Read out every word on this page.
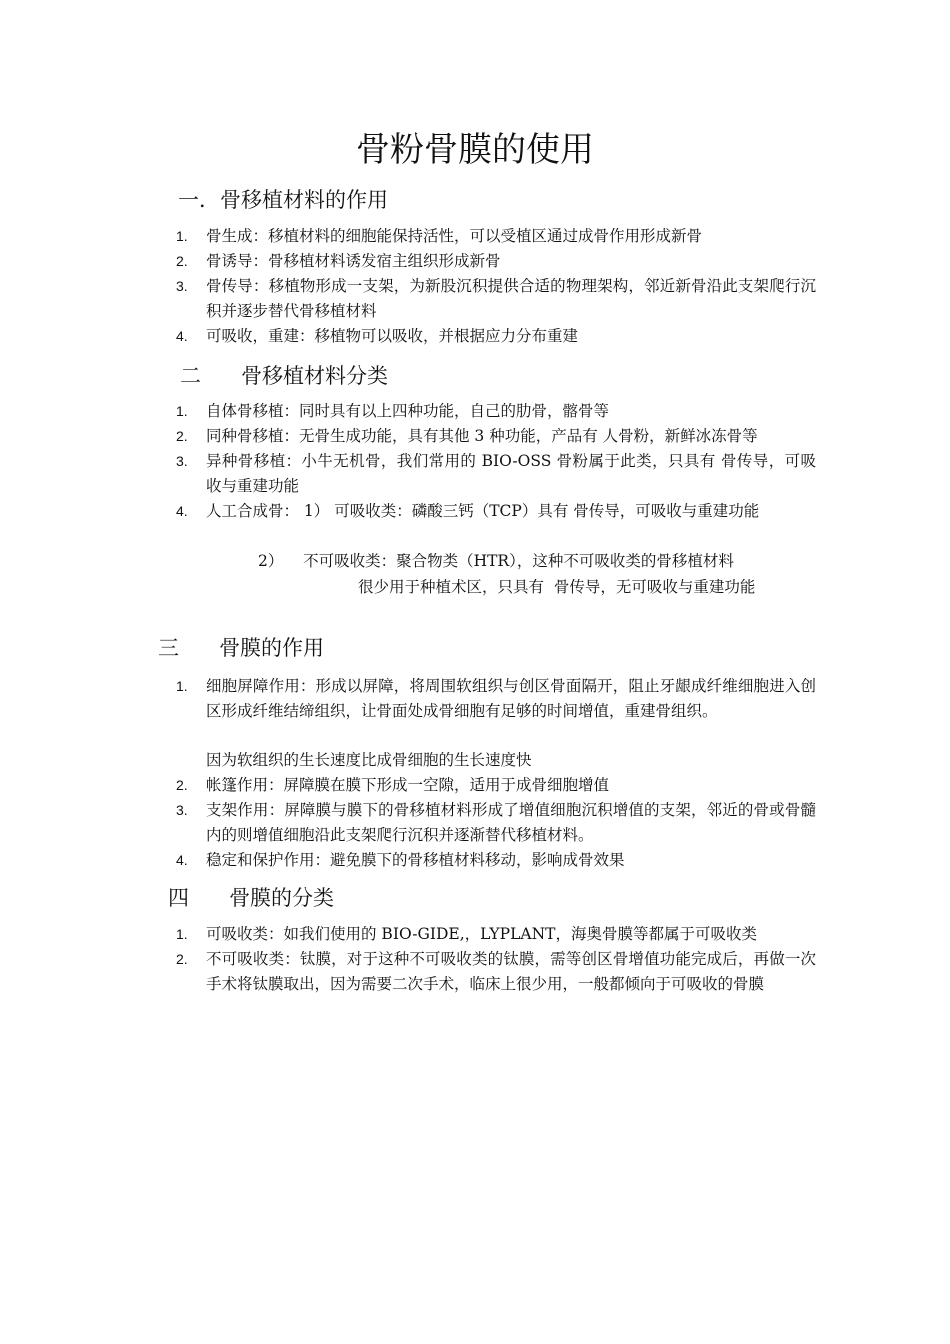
骨粉骨膜的使用
一．骨移植材料的作用
1.	骨生成：移植材料的细胞能保持活性，可以受植区通过成骨作用形成新骨
2.	骨诱导：骨移植材料诱发宿主组织形成新骨
3.	骨传导：移植物形成一支架，为新股沉积提供合适的物理架构，邻近新骨沿此支架爬行沉积并逐步替代骨移植材料
4.	可吸收，重建：移植物可以吸收，并根据应力分布重建
二 骨移植材料分类
1.	自体骨移植：同时具有以上四种功能，自己的肋骨，髂骨等
2.	同种骨移植：无骨生成功能，具有其他 3 种功能，产品有 人骨粉，新鲜冰冻骨等
3.	异种骨移植：小牛无机骨，我们常用的 BIO-OSS 骨粉属于此类，只具有 骨传导，可吸收与重建功能
4.	人工合成骨： 1） 可吸收类：磷酸三钙（TCP）具有 骨传导，可吸收与重建功能
2）    不可吸收类：聚合物类（HTR），这种不可吸收类的骨移植材料
很少用于种植术区，只具有  骨传导，无可吸收与重建功能
三 骨膜的作用
1.	细胞屏障作用：形成以屏障，将周围软组织与创区骨面隔开，阻止牙龈成纤维细胞进入创区形成纤维结缔组织，让骨面处成骨细胞有足够的时间增值，重建骨组织。
因为软组织的生长速度比成骨细胞的生长速度快
2.	帐篷作用：屏障膜在膜下形成一空隙，适用于成骨细胞增值
3.	支架作用：屏障膜与膜下的骨移植材料形成了增值细胞沉积增值的支架，邻近的骨或骨髓内的则增值细胞沿此支架爬行沉积并逐渐替代移植材料。
4.	稳定和保护作用：避免膜下的骨移植材料移动，影响成骨效果
四 骨膜的分类
1.	可吸收类：如我们使用的 BIO-GIDE,，LYPLANT，海奥骨膜等都属于可吸收类
2.	不可吸收类：钛膜，对于这种不可吸收类的钛膜，需等创区骨增值功能完成后，再做一次手术将钛膜取出，因为需要二次手术，临床上很少用，一般都倾向于可吸收的骨膜
